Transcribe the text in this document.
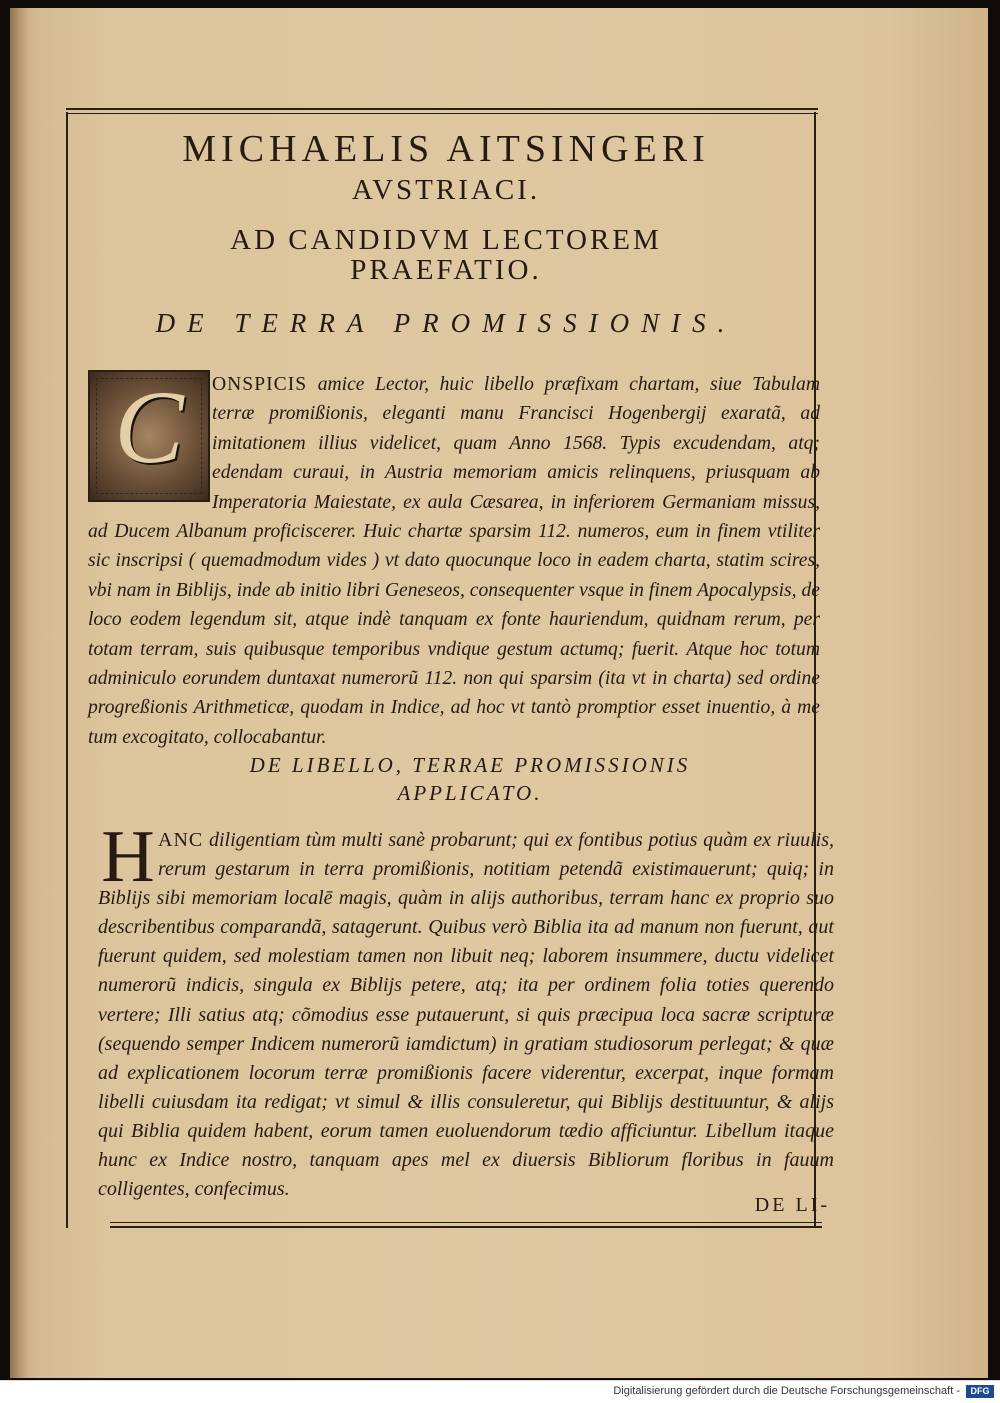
MICHAELIS AITSINGERI
AVSTRIACI.
AD CANDIDVM LECTOREM
PRAEFATIO.
DE TERRA PROMISSIONIS.
C	ONSPICIS amice Lector, huic libello præfixam chartam, siue Tabulam terræ promißionis, eleganti manu Francisci Hogenbergij exaratã, ad imitationem illius videlicet, quam Anno 1568. Typis excudendam, atq; edendam curaui, in Austria memoriam amicis relinquens, priusquam ab Imperatoria Maiestate, ex aula Cæsarea, in inferiorem Germaniam missus, ad Ducem Albanum proficiscerer. Huic chartæ sparsim 112. numeros, eum in finem vtiliter sic inscripsi ( quemadmodum vides ) vt dato quocunque loco in eadem charta, statim scires, vbi nam in Biblijs, inde ab initio libri Geneseos, consequenter vsque in finem Apocalypsis, de loco eodem legendum sit, atque indè tanquam ex fonte hauriendum, quidnam rerum, per totam terram, suis quibusque temporibus vndique gestum actumq; fuerit. Atque hoc totum adminiculo eorundem duntaxat numerorũ 112. non qui sparsim (ita vt in charta) sed ordine progreßionis Arithmeticæ, quodam in Indice, ad hoc vt tantò promptior esset inuentio, à me tum excogitato, collocabantur.
DE LIBELLO, TERRAE PROMISSIONIS
APPLICATO.
H ANC diligentiam tùm multi sanè probarunt; qui ex fontibus potius quàm ex riuulis, rerum gestarum in terra promißionis, notitiam petendã existimauerunt; quiq; in Biblijs sibi memoriam localē magis, quàm in alijs authoribus, terram hanc ex proprio suo describentibus comparandã, satagerunt. Quibus verò Biblia ita ad manum non fuerunt, aut fuerunt quidem, sed molestiam tamen non libuit neq; laborem insummere, ductu videlicet numerorũ indicis, singula ex Biblijs petere, atq; ita per ordinem folia toties querendo vertere; Illi satius atq; cõmodius esse putauerunt, si quis præcipua loca sacræ scripturæ (sequendo semper Indicem numerorũ iamdictum) in gratiam studiosorum perlegat; & quæ ad explicationem locorum terræ promißionis facere viderentur, excerpat, inque formam libelli cuiusdam ita redigat; vt simul & illis consuleretur, qui Biblijs destituuntur, & alijs qui Biblia quidem habent, eorum tamen euoluendorum tædio afficiuntur. Libellum itaque hunc ex Indice nostro, tanquam apes mel ex diuersis Bibliorum floribus in fauum colligentes, confecimus.
DE LI-
Digitalisierung gefördert durch die Deutsche Forschungsgemeinschaft -	DFG
